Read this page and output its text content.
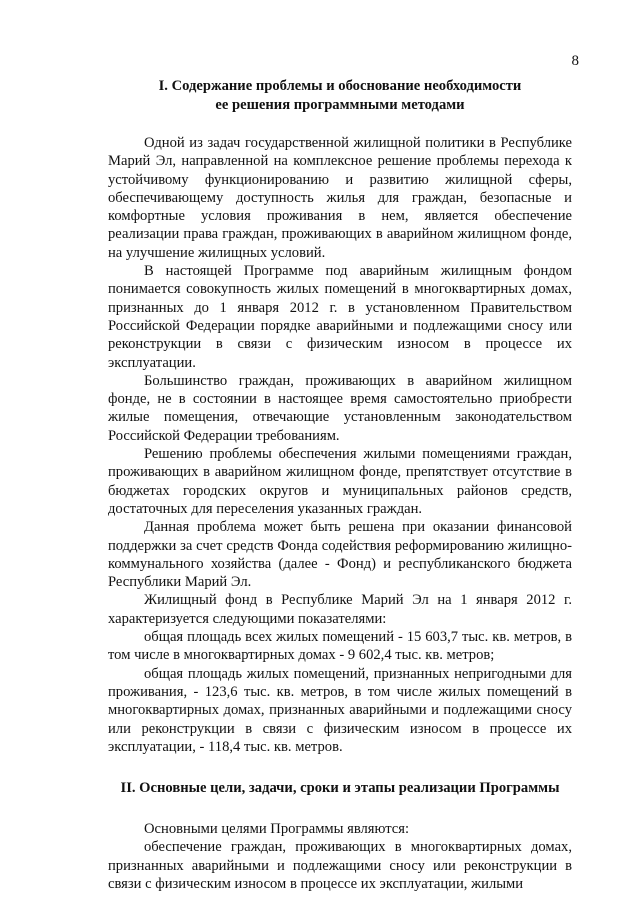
8
I. Содержание проблемы и обоснование необходимости
ее решения программными методами

Одной из задач государственной жилищной политики в Республике Марий Эл, направленной на комплексное решение проблемы перехода к устойчивому функционированию и развитию жилищной сферы, обеспечивающему доступность жилья для граждан, безопасные и комфортные условия проживания в нем, является обеспечение реализации права граждан, проживающих в аварийном жилищном фонде, на улучшение жилищных условий.

В настоящей Программе под аварийным жилищным фондом понимается совокупность жилых помещений в многоквартирных домах, признанных до 1 января 2012 г. в установленном Правительством Российской Федерации порядке аварийными и подлежащими сносу или реконструкции в связи с физическим износом в процессе их эксплуатации.

Большинство граждан, проживающих в аварийном жилищном фонде, не в состоянии в настоящее время самостоятельно приобрести жилые помещения, отвечающие установленным законодательством Российской Федерации требованиям.

Решению проблемы обеспечения жилыми помещениями граждан, проживающих в аварийном жилищном фонде, препятствует отсутствие в бюджетах городских округов и муниципальных районов средств, достаточных для переселения указанных граждан.

Данная проблема может быть решена при оказании финансовой поддержки за счет средств Фонда содействия реформированию жилищно-коммунального хозяйства (далее - Фонд) и республиканского бюджета Республики Марий Эл.

Жилищный фонд в Республике Марий Эл на 1 января 2012 г. характеризуется следующими показателями:

общая площадь всех жилых помещений - 15 603,7 тыс. кв. метров, в том числе в многоквартирных домах - 9 602,4 тыс. кв. метров;

общая площадь жилых помещений, признанных непригодными для проживания, - 123,6 тыс. кв. метров, в том числе жилых помещений в многоквартирных домах, признанных аварийными и подлежащими сносу или реконструкции в связи с физическим износом в процессе их эксплуатации, - 118,4 тыс. кв. метров.

II. Основные цели, задачи, сроки и этапы реализации Программы

Основными целями Программы являются:

обеспечение граждан, проживающих в многоквартирных домах, признанных аварийными и подлежащими сносу или реконструкции в связи с физическим износом в процессе их эксплуатации, жилыми
